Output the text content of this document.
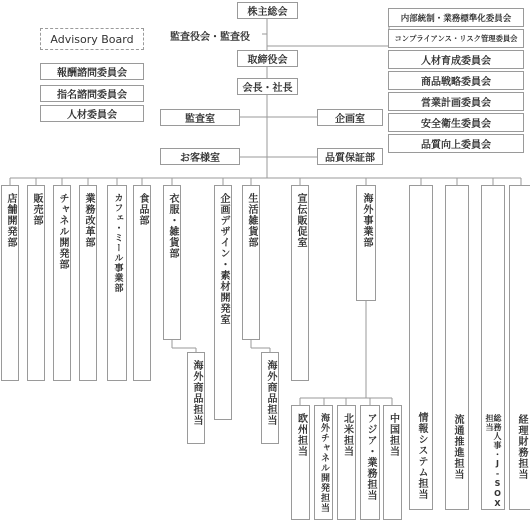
株主総会
監査役会・監査役
取締役会
会長・社長
監査室	企画室
お客様室	品質保証部
Advisory Board
報酬諮問委員会
指名諮問委員会
人材委員会
内部統制・業務標準化委員会
コンプライアンス・リスク管理委員会
人材育成委員会
商品戦略委員会
営業計画委員会
安全衛生委員会
品質向上委員会
店舗開発部 販売部 チャネル開発部 業務改革部 カフェ・ミール事業部 食品部 衣服・雑貨部	企画デザイン・素材開発室 生活雑貨部	宣伝販促室	海外事業部
情報システム担当	流通推進担当	総務人事・J-SOX担当	経理財務担当
海外商品担当	海外商品担当
欧州担当 海外チャネル開発担当 北米担当 アジア・業務担当 中国担当
